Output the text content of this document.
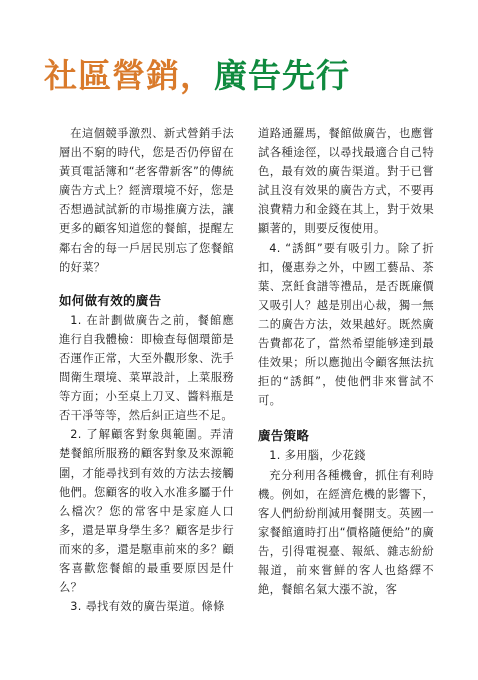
社區營銷，廣告先行

在這個競爭激烈、新式營銷手法層出不窮的時代，您是否仍停留在黃頁電話簿和“老客帶新客”的傳統廣告方式上？經濟環境不好，您是否想過試試新的市場推廣方法，讓更多的顧客知道您的餐館，提醒左鄰右舍的每一戶居民別忘了您餐館的好菜？

如何做有效的廣告

1. 在計劃做廣告之前，餐館應進行自我體檢：即檢查每個環節是否運作正常，大至外觀形象、洗手間衛生環境、菜單設計，上菜服務等方面；小至桌上刀叉、醬料瓶是否干凈等等，然后糾正這些不足。

2. 了解顧客對象與範圍。弄清楚餐館所服務的顧客對象及來源範圍，才能尋找到有效的方法去接觸他們。您顧客的收入水准多屬于什么檔次？您的常客中是家庭人口多，還是單身學生多？顧客是步行而來的多，還是駆車前來的多？顧客喜歡您餐館的最重要原因是什么？

3. 尋找有效的廣告渠道。條條

道路通羅馬，餐館做廣告，也應嘗試各種途徑，以尋找最適合自己特色，最有效的廣告渠道。對于已嘗試且沒有效果的廣告方式，不要再浪費精力和金錢在其上，對于效果顯著的，則要反復使用。

4. “誘餌”要有吸引力。除了折扣，優惠券之外，中國工藝品、茶葉、烹飪食譜等禮品，是否既廉價又吸引人？越是別出心裁，獨一無二的廣告方法，效果越好。既然廣告費都花了，當然希望能够達到最佳效果；所以應抛出令顧客無法抗拒的“誘餌”，使他們非來嘗試不可。

廣告策略

1. 多用腦，少花錢

充分利用各種機會，抓住有利時機。例如，在經濟危機的影響下，客人們紛紛削減用餐開支。英國一家餐館適時打出“價格隨便給”的廣告，引得電視臺、報紙、雜志紛紛報道，前來嘗鮮的客人也絡繹不絶，餐館名氣大漲不說，客
